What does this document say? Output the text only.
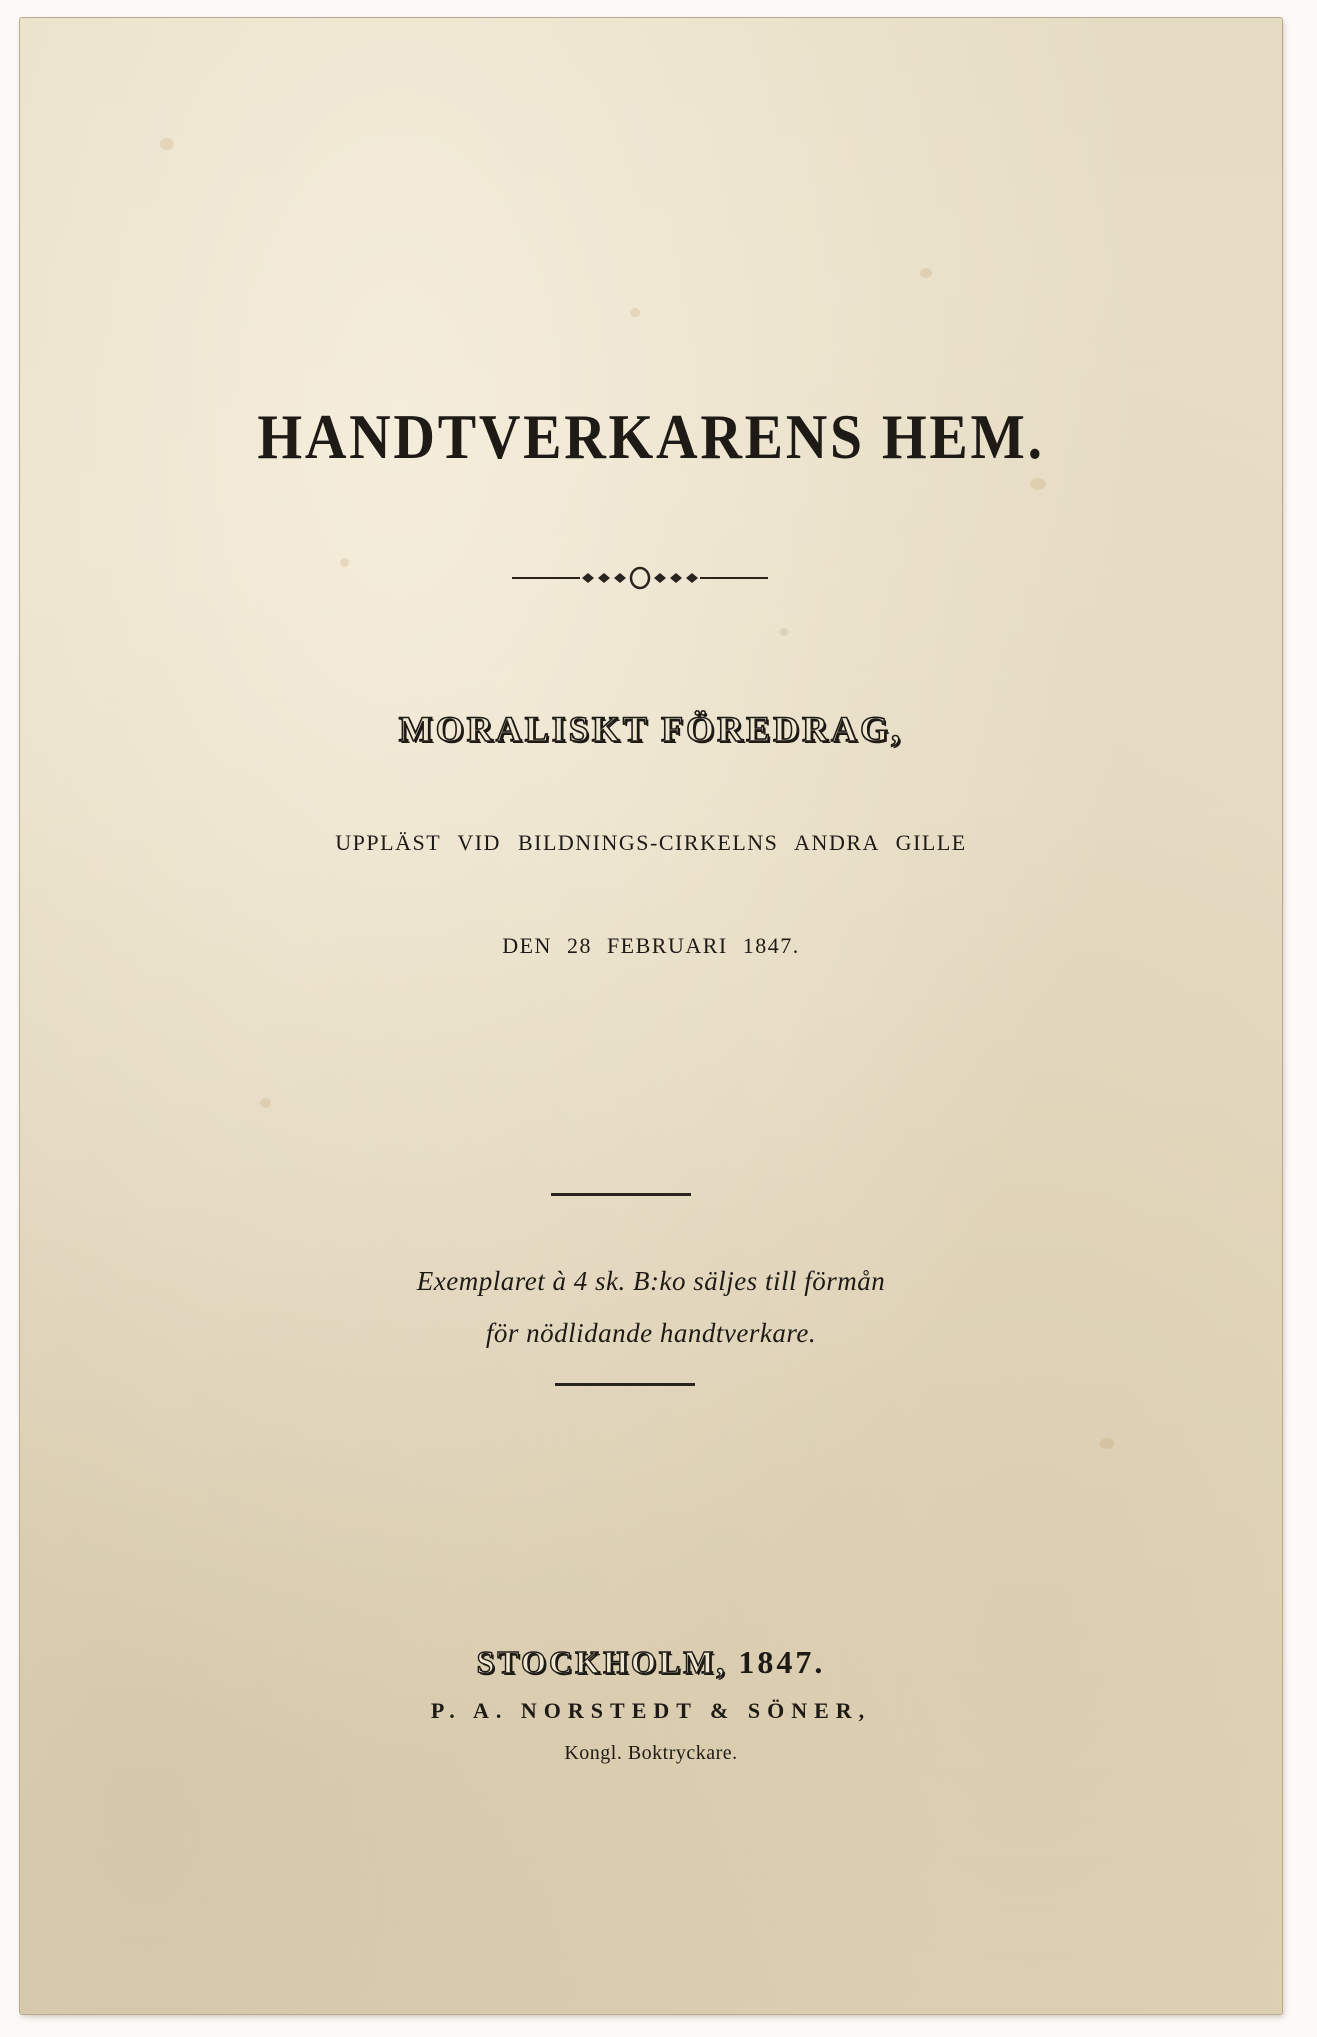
HANDTVERKARENS HEM.
MORALISKT FÖREDRAG,
UPPLÄST VID BILDNINGS-CIRKELNS ANDRA GILLE
DEN 28 FEBRUARI 1847.
Exemplaret à 4 sk. B:ko säljes till förmån
för nödlidande handtverkare.
STOCKHOLM, 1847.
P. A. NORSTEDT & SÖNER,
Kongl. Boktryckare.
